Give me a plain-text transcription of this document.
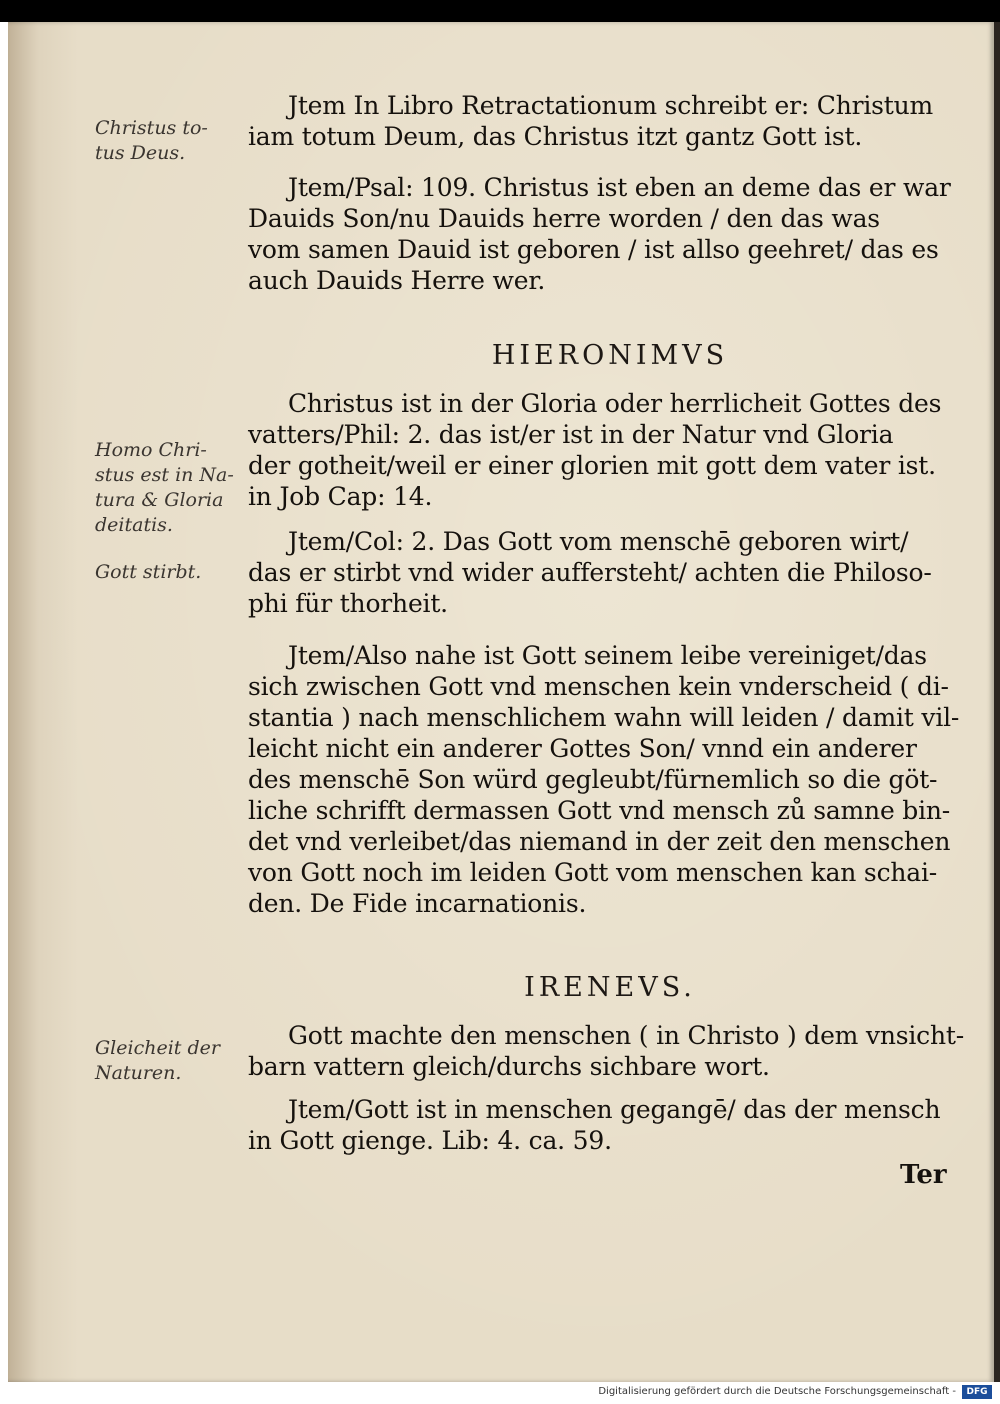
Christus to-
tus Deus.
Homo Chri-
stus est in Na-
tura & Gloria
deitatis.
Gott stirbt.
Gleicheit der
Naturen.
Jtem In Libro Retractationum schreibt er: Christum
iam totum Deum, das Christus itzt gantz Gott ist.
Jtem/Psal: 109. Christus ist eben an deme das er war
Dauids Son/nu Dauids herre worden / den das was
vom samen Dauid ist geboren / ist allso geehret/ das es
auch Dauids Herre wer.
HIERONIMVS
Christus ist in der Gloria oder herrlicheit Gottes des
vatters/Phil: 2. das ist/er ist in der Natur vnd Gloria
der gotheit/weil er einer glorien mit gott dem vater ist.
in Job Cap: 14.
Jtem/Col: 2. Das Gott vom menschē geboren wirt/
das er stirbt vnd wider auffersteht/ achten die Philoso-
phi für thorheit.
Jtem/Also nahe ist Gott seinem leibe vereiniget/das
sich zwischen Gott vnd menschen kein vnderscheid ( di-
stantia ) nach menschlichem wahn will leiden / damit vil-
leicht nicht ein anderer Gottes Son/ vnnd ein anderer
des menschē Son würd gegleubt/fürnemlich so die göt-
liche schrifft dermassen Gott vnd mensch zů samne bin-
det vnd verleibet/das niemand in der zeit den menschen
von Gott noch im leiden Gott vom menschen kan schai-
den. De Fide incarnationis.
IRENEVS.
Gott machte den menschen ( in Christo ) dem vnsicht-
barn vattern gleich/durchs sichbare wort.
Jtem/Gott ist in menschen gegangē/ das der mensch
in Gott gienge. Lib: 4. ca. 59.
Ter
Digitalisierung gefördert durch die Deutsche Forschungsgemeinschaft -	DFG
